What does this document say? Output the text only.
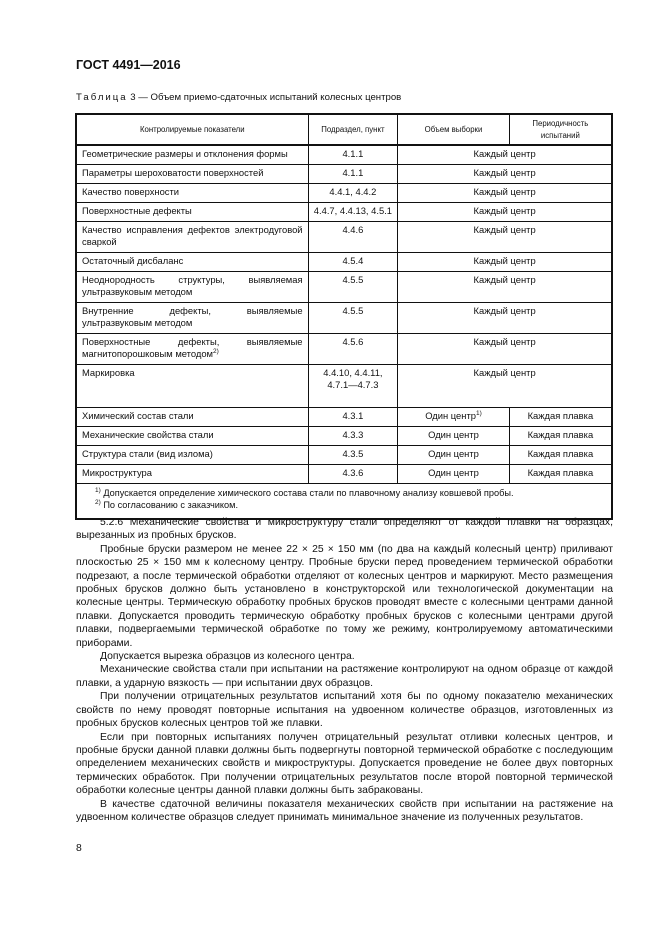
ГОСТ 4491—2016
Таблица 3 — Объем приемо-сдаточных испытаний колесных центров
Контролируемые показатели	Подраздел, пункт	Объем выборки	Периодичность испытаний
Геометрические размеры и отклонения формы	4.1.1	Каждый центр	
Параметры шероховатости поверхностей	4.1.1	Каждый центр	
Качество поверхности	4.4.1, 4.4.2	Каждый центр	
Поверхностные дефекты	4.4.7, 4.4.13, 4.5.1	Каждый центр	
Качество исправления дефектов электродуговой сваркой	4.4.6	Каждый центр	
Остаточный дисбаланс	4.5.4	Каждый центр	
Неоднородность структуры, выявляемая ультразвуковым методом	4.5.5	Каждый центр	
Внутренние дефекты, выявляемые ультразвуковым методом	4.5.5	Каждый центр	
Поверхностные дефекты, выявляемые магнитопорошковым методом$^{2)}$	4.5.6	Каждый центр	
Маркировка	4.4.10, 4.4.11, 4.7.1—4.7.3	Каждый центр	
Химический состав стали	4.3.1	Один центр$^{1)}$	Каждая плавка
Механические свойства стали	4.3.3	Один центр	Каждая плавка
Структура стали (вид излома)	4.3.5	Один центр	Каждая плавка
Микроструктура	4.3.6	Один центр	Каждая плавка

$^{1)}$ Допускается определение химического состава стали по плавочному анализу ковшевой пробы.
$^{2)}$ По согласованию с заказчиком.			

5.2.6 Механические свойства и микроструктуру стали определяют от каждой плавки на образцах, вырезанных из пробных брусков.

Пробные бруски размером не менее 22 × 25 × 150 мм (по два на каждый колесный центр) приливают плоскостью 25 × 150 мм к колесному центру. Пробные бруски перед проведением термической обработки подрезают, а после термической обработки отделяют от колесных центров и маркируют. Место размещения пробных брусков должно быть установлено в конструкторской или технологической документации на колесные центры. Термическую обработку пробных брусков проводят вместе с колесными центрами данной плавки. Допускается проводить термическую обработку пробных брусков с колесными центрами другой плавки, подвергаемыми термической обработке по тому же режиму, контролируемому автоматическими приборами.

Допускается вырезка образцов из колесного центра.

Механические свойства стали при испытании на растяжение контролируют на одном образце от каждой плавки, а ударную вязкость — при испытании двух образцов.

При получении отрицательных результатов испытаний хотя бы по одному показателю механических свойств по нему проводят повторные испытания на удвоенном количестве образцов, изготовленных из пробных брусков колесных центров той же плавки.

Если при повторных испытаниях получен отрицательный результат отливки колесных центров, и пробные бруски данной плавки должны быть подвергнуты повторной термической обработке с последующим определением механических свойств и микроструктуры. Допускается проведение не более двух повторных термических обработок. При получении отрицательных результатов после второй повторной термической обработки колесные центры данной плавки должны быть забракованы.

В качестве сдаточной величины показателя механических свойств при испытании на растяжение на удвоенном количестве образцов следует принимать минимальное значение из полученных результатов.

8
